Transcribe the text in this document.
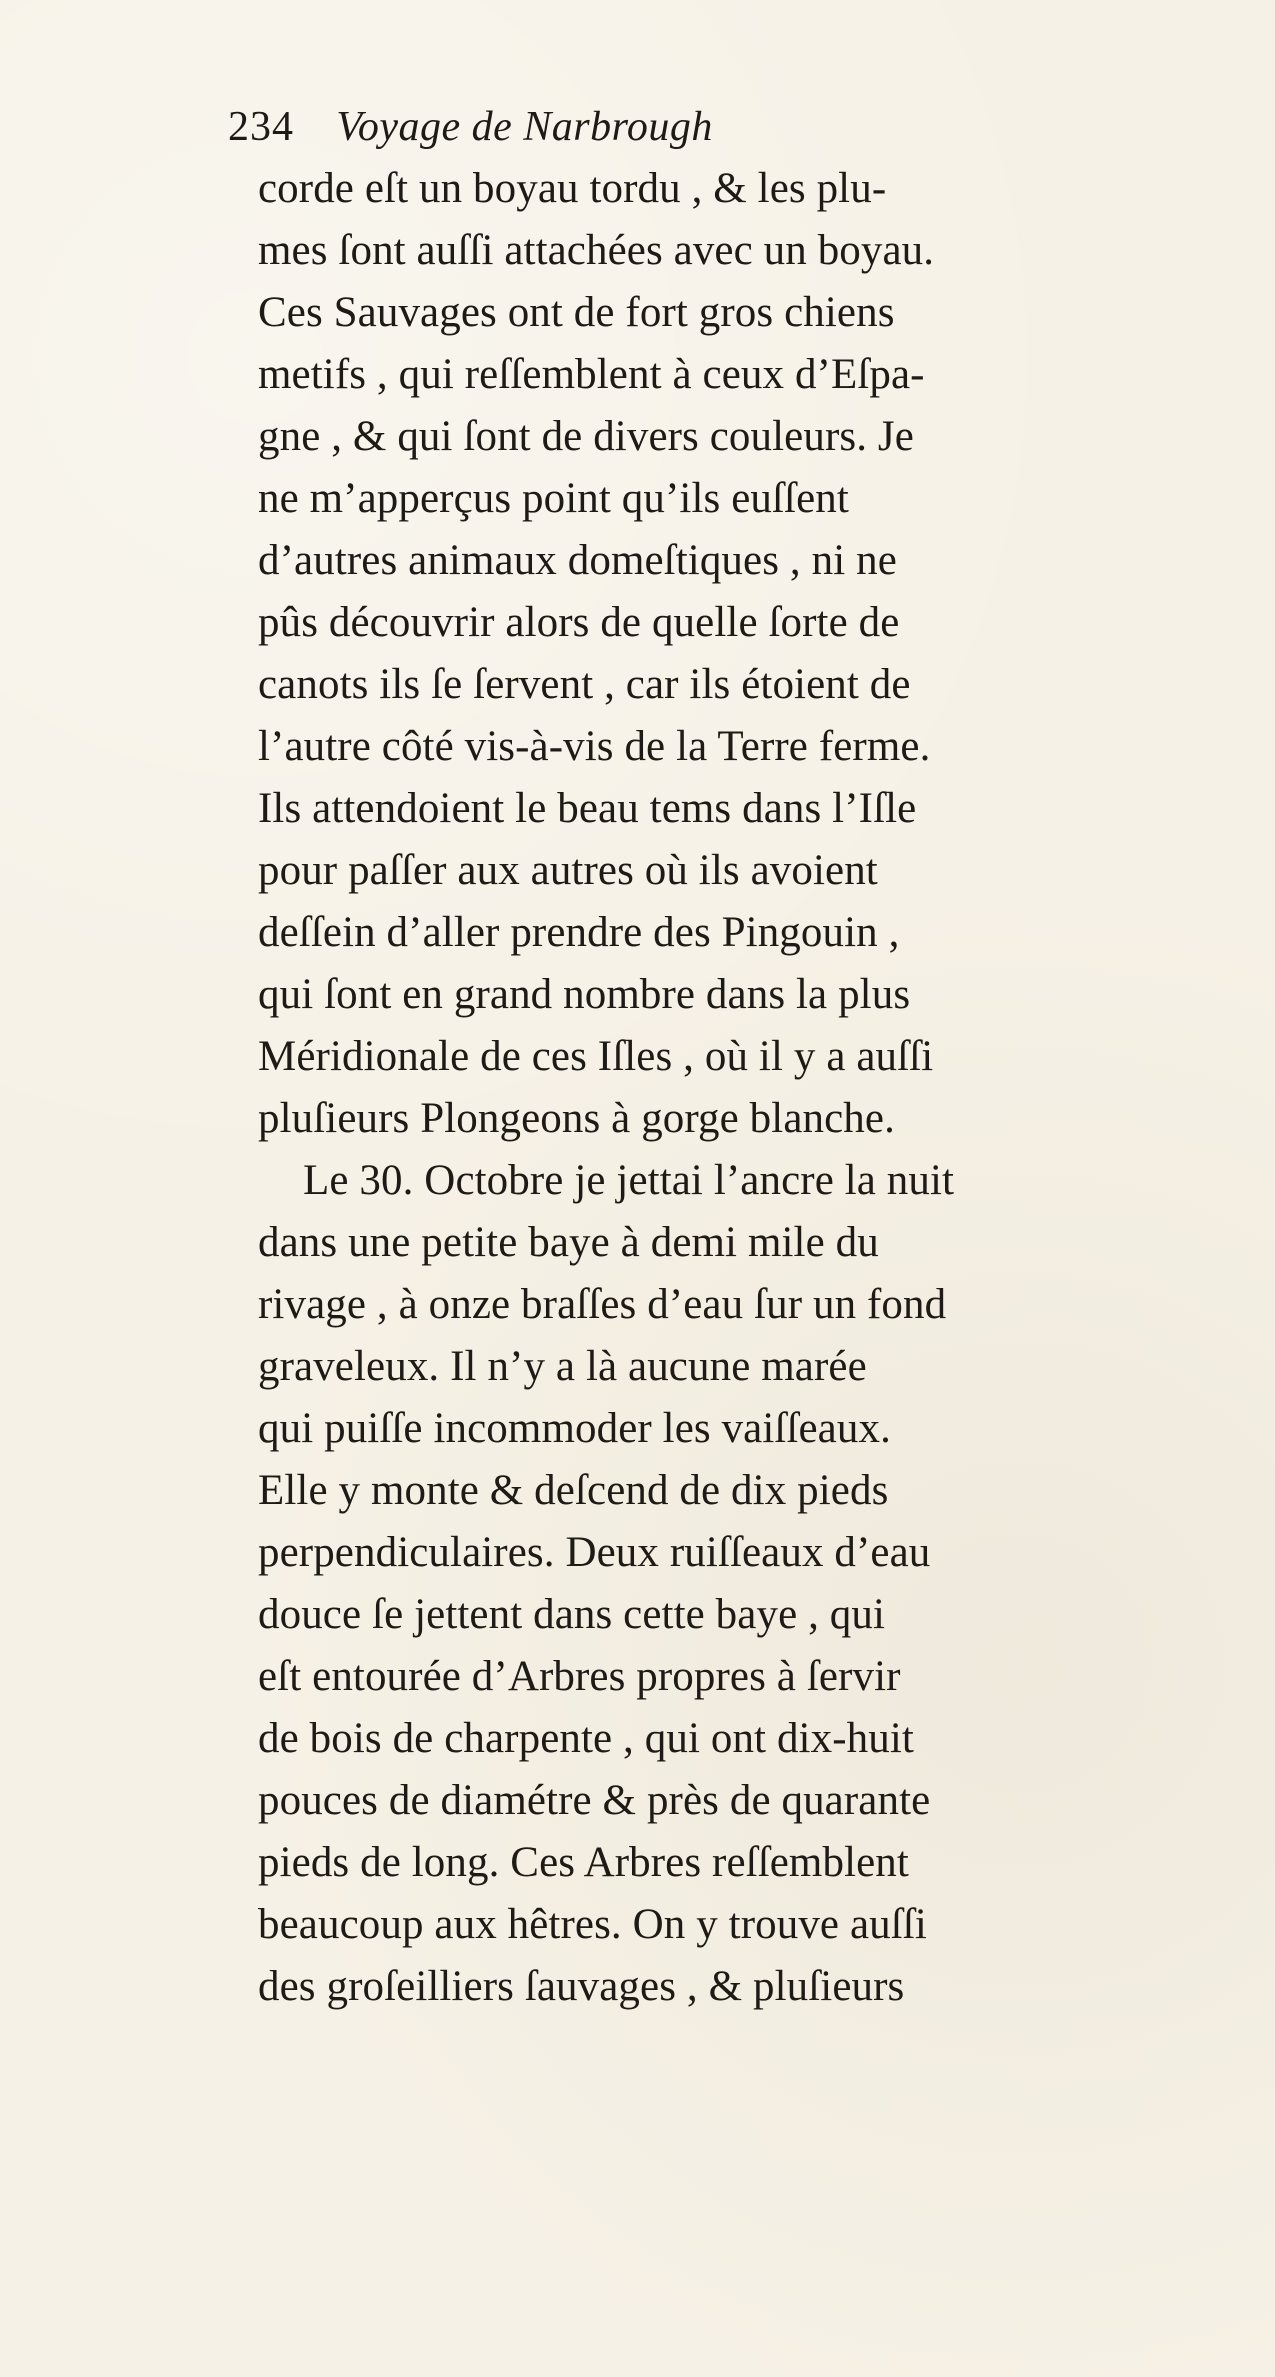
234 Voyage de Narbrough
corde eſt un boyau tordu , & les plu-
mes ſont auſſi attachées avec un boyau.
Ces Sauvages ont de fort gros chiens
metifs , qui reſſemblent à ceux d’Eſpa-
gne , & qui ſont de divers couleurs. Je
ne m’apperçus point qu’ils euſſent
d’autres animaux domeſtiques , ni ne
pûs découvrir alors de quelle ſorte de
canots ils ſe ſervent , car ils étoient de
l’autre côté vis-à-vis de la Terre ferme.
Ils attendoient le beau tems dans l’Iſle
pour paſſer aux autres où ils avoient
deſſein d’aller prendre des Pingouin ,
qui ſont en grand nombre dans la plus
Méridionale de ces Iſles , où il y a auſſi
pluſieurs Plongeons à gorge blanche.
Le 30. Octobre je jettai l’ancre la nuit
dans une petite baye à demi mile du
rivage , à onze braſſes d’eau ſur un fond
graveleux. Il n’y a là aucune marée
qui puiſſe incommoder les vaiſſeaux.
Elle y monte & deſcend de dix pieds
perpendiculaires. Deux ruiſſeaux d’eau
douce ſe jettent dans cette baye , qui
eſt entourée d’Arbres propres à ſervir
de bois de charpente , qui ont dix-huit
pouces de diamétre & près de quarante
pieds de long. Ces Arbres reſſemblent
beaucoup aux hêtres. On y trouve auſſi
des groſeilliers ſauvages , & pluſieurs
